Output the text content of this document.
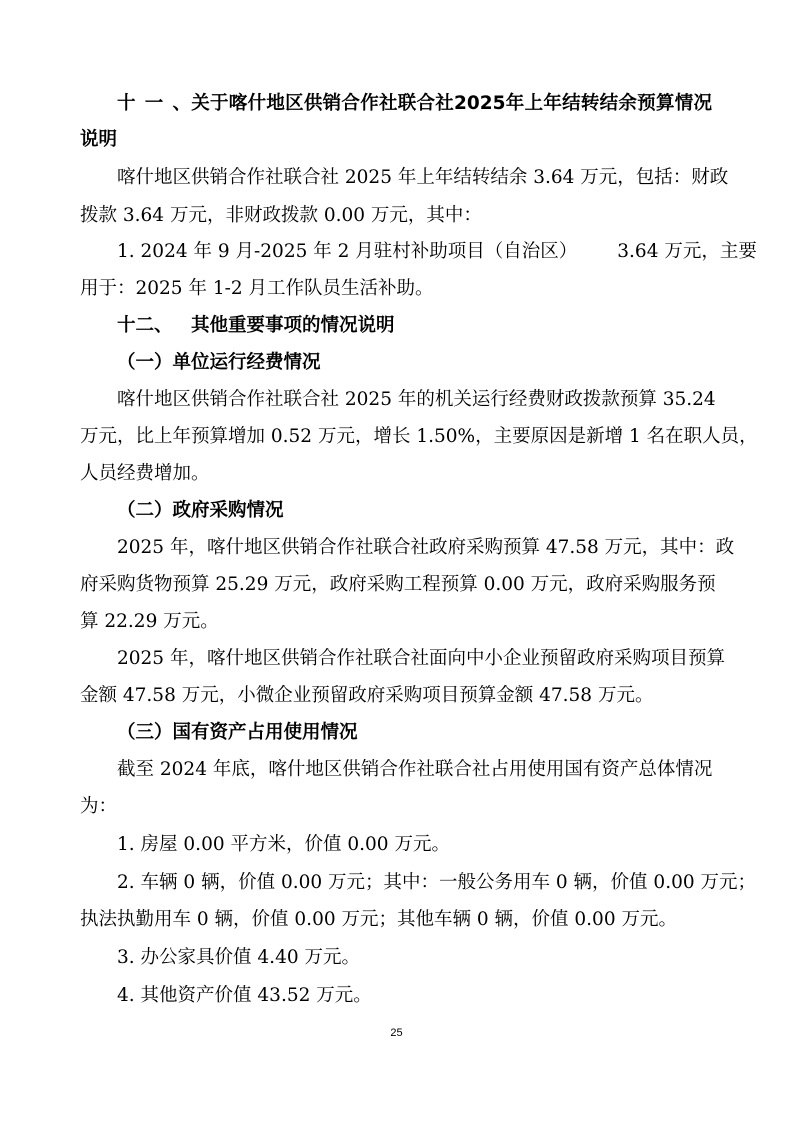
十一、关于喀什地区供销合作社联合社2025年上年结转结余预算情况
说明
喀什地区供销合作社联合社 2025 年上年结转结余 3.64 万元，包括：财政
拨款 3.64 万元，非财政拨款 0.00 万元，其中：
1. 2024 年 9 月-2025 年 2 月驻村补助项目（自治区） 3.64 万元，主要
用于：2025 年 1-2 月工作队员生活补助。
十二、 其他重要事项的情况说明
（一）单位运行经费情况
喀什地区供销合作社联合社 2025 年的机关运行经费财政拨款预算 35.24
万元，比上年预算增加 0.52 万元，增长 1.50%，主要原因是新增 1 名在职人员，
人员经费增加。
（二）政府采购情况
2025 年，喀什地区供销合作社联合社政府采购预算 47.58 万元，其中：政
府采购货物预算 25.29 万元，政府采购工程预算 0.00 万元，政府采购服务预
算 22.29 万元。
2025 年，喀什地区供销合作社联合社面向中小企业预留政府采购项目预算
金额 47.58 万元，小微企业预留政府采购项目预算金额 47.58 万元。
（三）国有资产占用使用情况
截至 2024 年底，喀什地区供销合作社联合社占用使用国有资产总体情况
为：
1. 房屋 0.00 平方米，价值 0.00 万元。
2. 车辆 0 辆，价值 0.00 万元；其中：一般公务用车 0 辆，价值 0.00 万元；
执法执勤用车 0 辆，价值 0.00 万元；其他车辆 0 辆，价值 0.00 万元。
3. 办公家具价值 4.40 万元。
4. 其他资产价值 43.52 万元。
25
